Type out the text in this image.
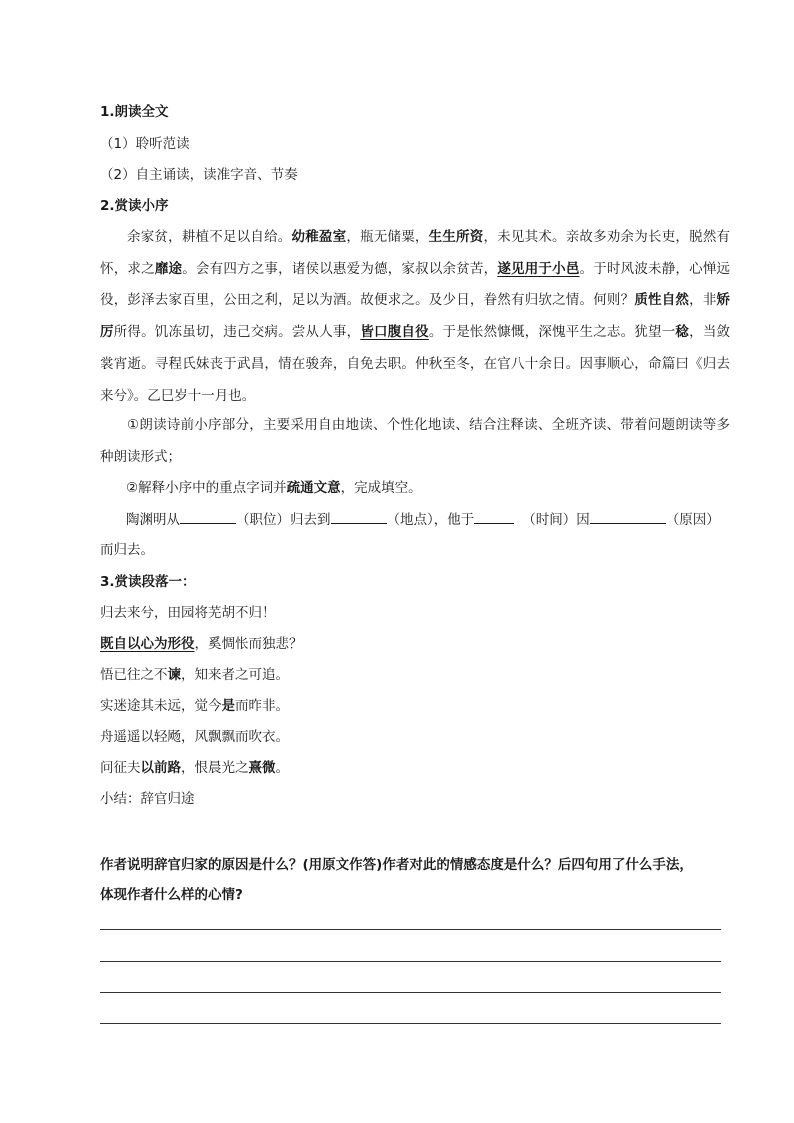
1.朗读全文
（1）聆听范读
（2）自主诵读，读准字音、节奏
2.赏读小序
余家贫，耕植不足以自给。幼稚盈室，瓶无储粟，生生所资，未见其术。亲故多劝余为长吏，脱然有怀，求之靡途。会有四方之事，诸侯以惠爱为德，家叔以余贫苦，遂见用于小邑。于时风波未静，心惮远役，彭泽去家百里，公田之利，足以为酒。故便求之。及少日，眷然有归欤之情。何则？质性自然，非矫厉所得。饥冻虽切，违己交病。尝从人事，皆口腹自役。于是怅然慷慨，深愧平生之志。犹望一稔，当敛裳宵逝。寻程氏妹丧于武昌，情在骏奔，自免去职。仲秋至冬，在官八十余日。因事顺心，命篇曰《归去来兮》。乙巳岁十一月也。
①朗读诗前小序部分，主要采用自由地读、个性化地读、结合注释读、全班齐读、带着问题朗读等多种朗读形式；
②解释小序中的重点字词并疏通文意，完成填空。
陶渊明从	（职位）归去到	（地点），他于	（时间）因	（原因）
而归去。
3.赏读段落一：
归去来兮，田园将芜胡不归！
既自以心为形役，奚惆怅而独悲？
悟已往之不谏，知来者之可追。
实迷途其未远，觉今是而昨非。
舟遥遥以轻飏，风飘飘而吹衣。
问征夫以前路，恨晨光之熹微。
小结：辞官归途
作者说明辞官归家的原因是什么？(用原文作答)作者对此的情感态度是什么？后四句用了什么手法，
体现作者什么样的心情?
